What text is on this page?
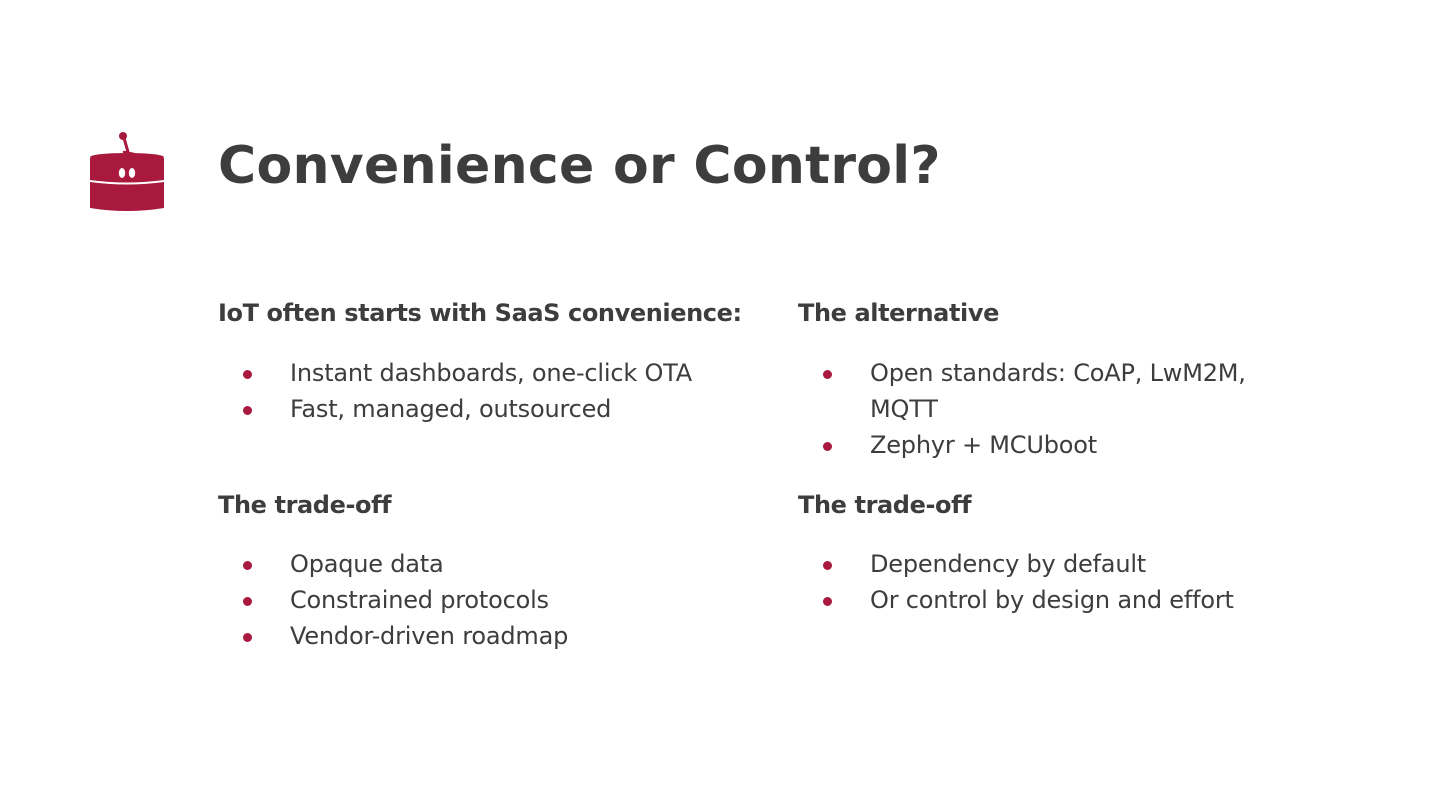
Convenience or Control?
IoT often starts with SaaS convenience:
Instant dashboards, one-click OTA
Fast, managed, outsourced
The trade-off
Opaque data
Constrained protocols
Vendor-driven roadmap
The alternative
Open standards: CoAP, LwM2M, MQTT
Zephyr + MCUboot
The trade-off
Dependency by default
Or control by design and effort
